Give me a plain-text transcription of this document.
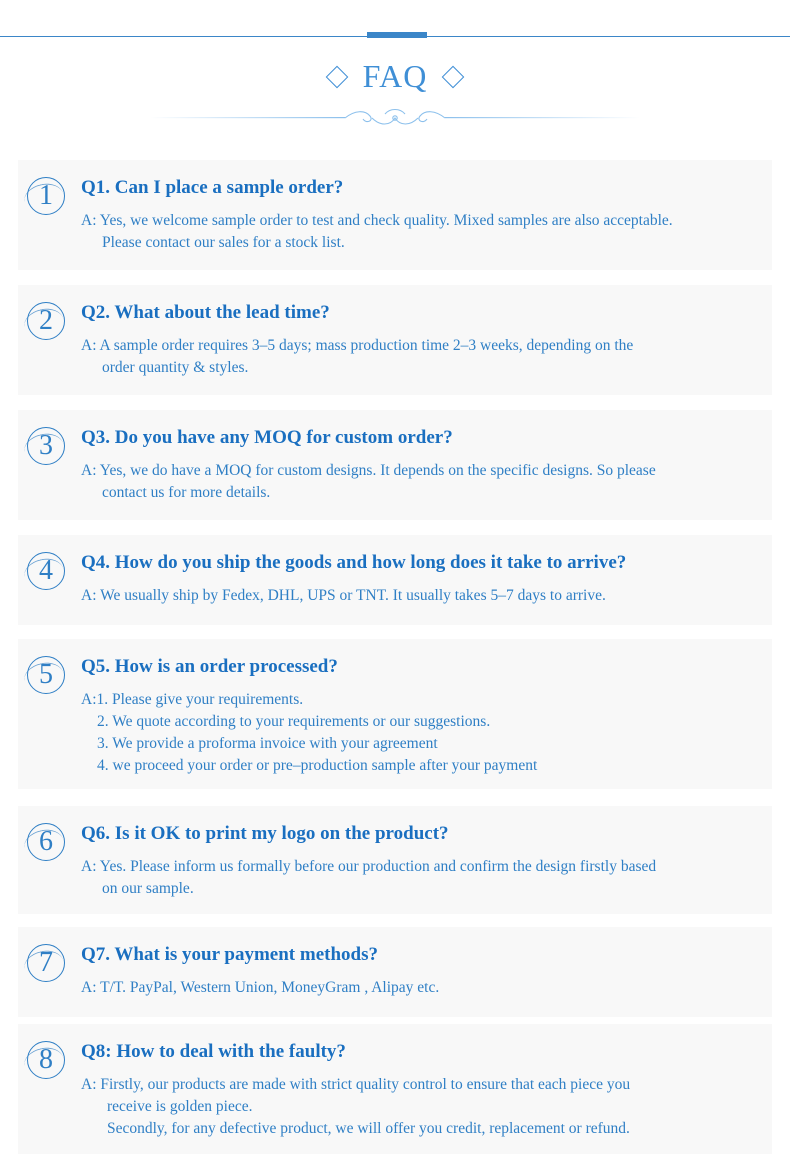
FAQ
1	Q1. Can I place a sample order?
A: Yes, we welcome sample order to test and check quality. Mixed samples are also acceptable.
Please contact our sales for a stock list.
2	Q2. What about the lead time?
A: A sample order requires 3–5 days; mass production time 2–3 weeks, depending on the
order quantity & styles.
3	Q3. Do you have any MOQ for custom order?
A: Yes, we do have a MOQ for custom designs. It depends on the specific designs. So please
contact us for more details.
4	Q4. How do you ship the goods and how long does it take to arrive?
A: We usually ship by Fedex, DHL, UPS or TNT. It usually takes 5–7 days to arrive.
5	Q5. How is an order processed?
A:1. Please give your requirements.
2. We quote according to your requirements or our suggestions.
3. We provide a proforma invoice with your agreement
4. we proceed your order or pre–production sample after your payment
6	Q6. Is it OK to print my logo on the product?
A: Yes. Please inform us formally before our production and confirm the design firstly based
on our sample.
7	Q7. What is your payment methods?
A: T/T. PayPal, Western Union, MoneyGram , Alipay etc.
8	Q8: How to deal with the faulty?
A: Firstly, our products are made with strict quality control to ensure that each piece you
receive is golden piece.
Secondly, for any defective product, we will offer you credit, replacement or refund.
